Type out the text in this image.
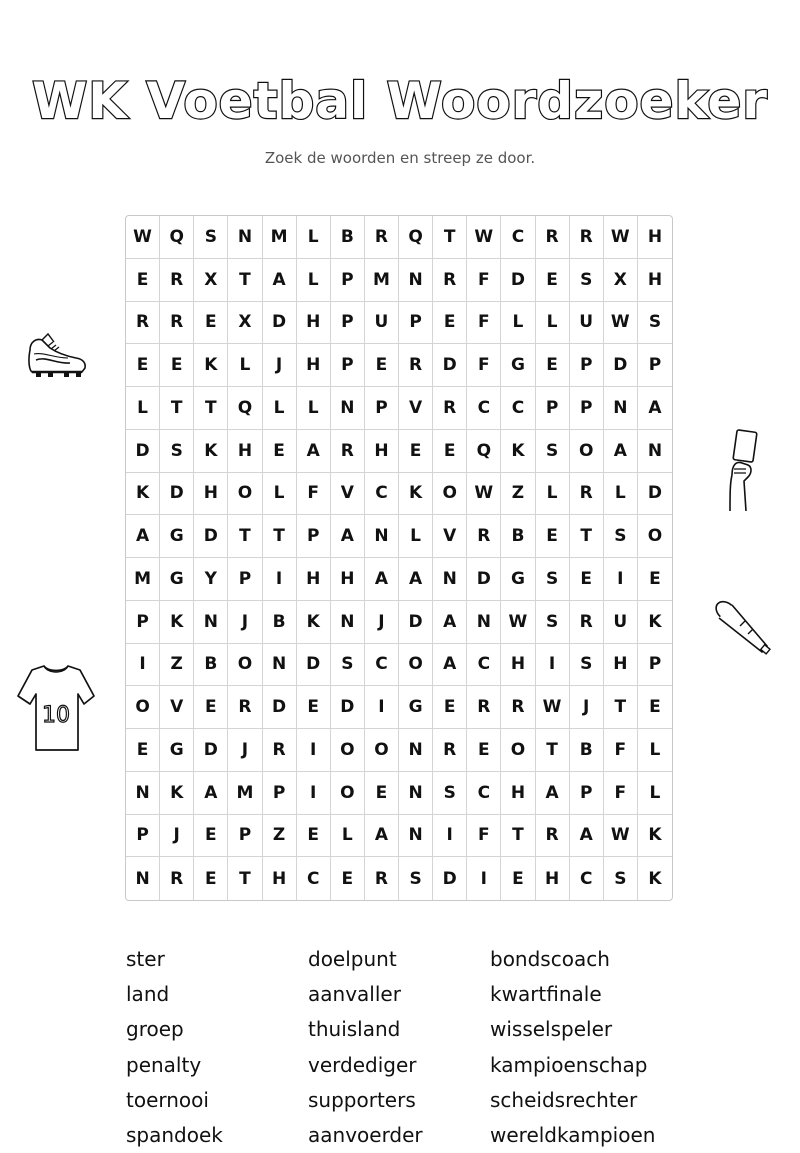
WK Voetbal Woordzoeker
Zoek de woorden en streep ze door.
W	Q	S	N	M	L	B	R	Q	T	W	C	R	R	W	H
E	R	X	T	A	L	P	M	N	R	F	D	E	S	X	H
R	R	E	X	D	H	P	U	P	E	F	L	L	U	W	S
E	E	K	L	J	H	P	E	R	D	F	G	E	P	D	P
L	T	T	Q	L	L	N	P	V	R	C	C	P	P	N	A
D	S	K	H	E	A	R	H	E	E	Q	K	S	O	A	N
K	D	H	O	L	F	V	C	K	O	W	Z	L	R	L	D
A	G	D	T	T	P	A	N	L	V	R	B	E	T	S	O
M	G	Y	P	I	H	H	A	A	N	D	G	S	E	I	E
P	K	N	J	B	K	N	J	D	A	N	W	S	R	U	K
I	Z	B	O	N	D	S	C	O	A	C	H	I	S	H	P
O	V	E	R	D	E	D	I	G	E	R	R	W	J	T	E
E	G	D	J	R	I	O	O	N	R	E	O	T	B	F	L
N	K	A	M	P	I	O	E	N	S	C	H	A	P	F	L
P	J	E	P	Z	E	L	A	N	I	F	T	R	A	W	K
N	R	E	T	H	C	E	R	S	D	I	E	H	C	S	K
ster
land
groep
penalty
toernooi
spandoek
doelpunt
aanvaller
thuisland
verdediger
supporters
aanvoerder
bondscoach
kwartfinale
wisselspeler
kampioenschap
scheidsrechter
wereldkampioen
10
